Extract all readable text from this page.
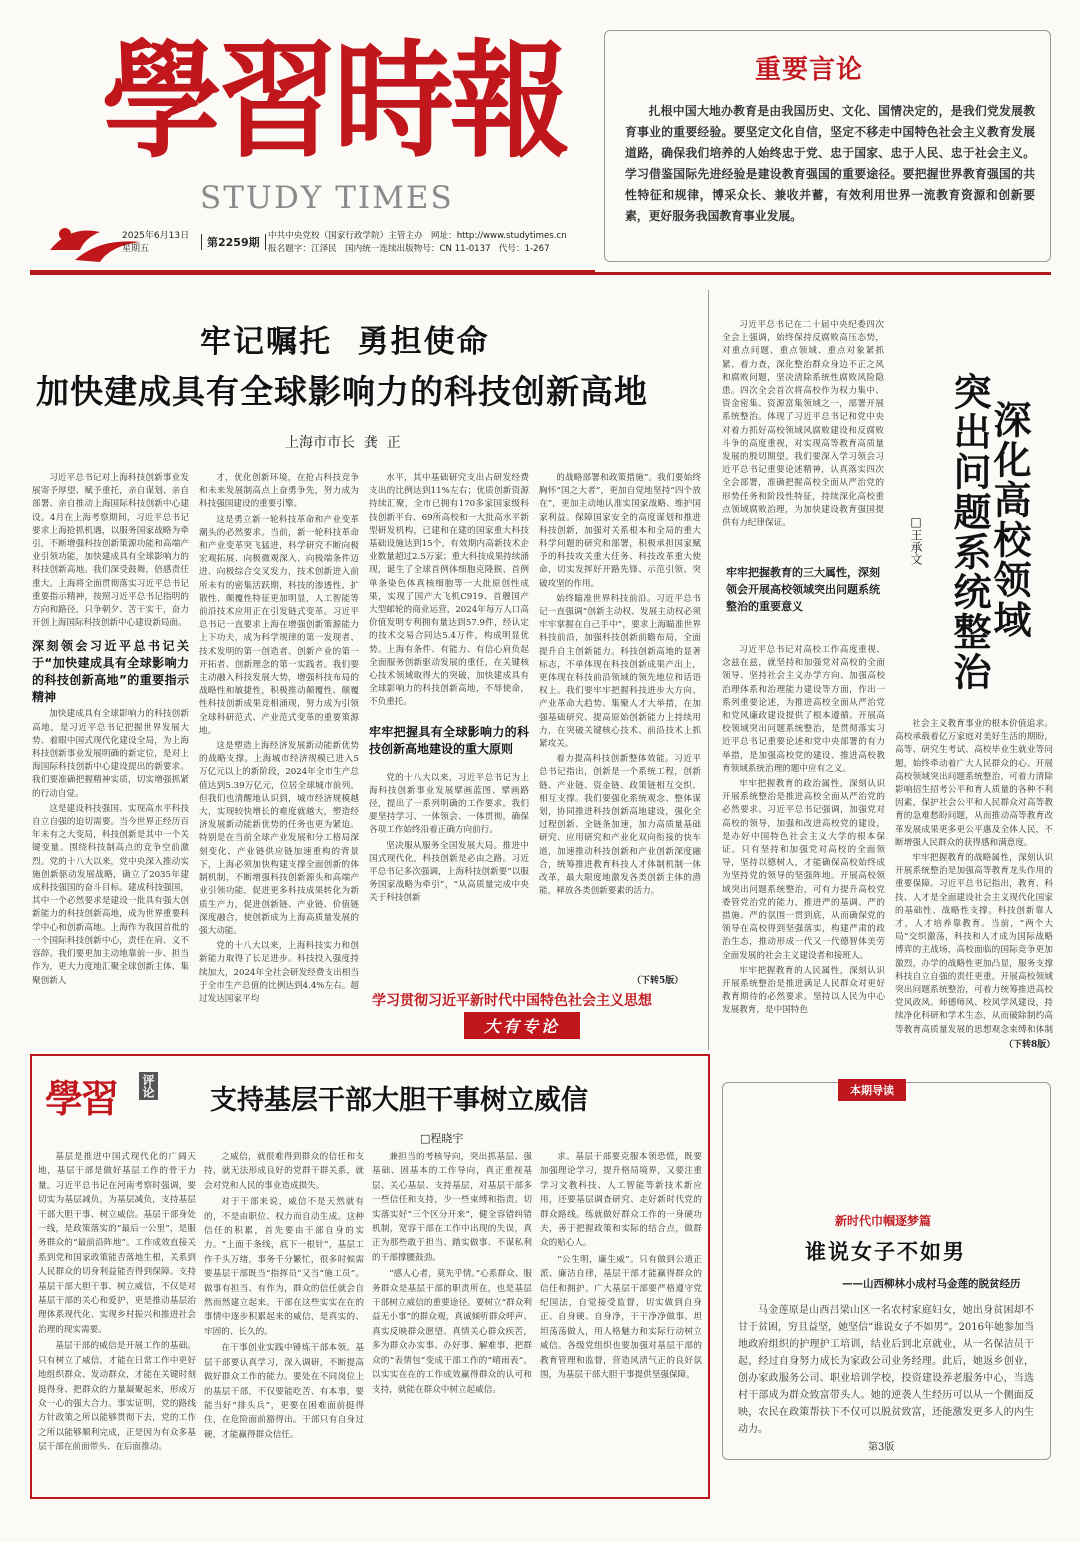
學習時報
STUDY TIMES
2025年6月13日
星期五	第2259期 中共中央党校（国家行政学院）主管主办 网址：http://www.studytimes.cn
报名题字：江泽民 国内统一连续出版物号：CN 11-0137 代号：1-267
重要言论
扎根中国大地办教育是由我国历史、文化、国情决定的，是我们党发展教育事业的重要经验。要坚定文化自信，坚定不移走中国特色社会主义教育发展道路，确保我们培养的人始终忠于党、忠于国家、忠于人民、忠于社会主义。学习借鉴国际先进经验是建设教育强国的重要途径。要把握世界教育强国的共性特征和规律，博采众长、兼收并蓄，有效利用世界一流教育资源和创新要素，更好服务我国教育事业发展。
牢记嘱托  勇担使命
加快建成具有全球影响力的科技创新高地
上海市市长  龚  正

习近平总书记对上海科技创新事业发展寄予厚望、赋予重托，亲自谋划、亲自部署、亲自推动上海国际科技创新中心建设。4月在上海考察期间，习近平总书记要求上海抢抓机遇，以服务国家战略为牵引，不断增强科技创新策源功能和高端产业引领功能，加快建成具有全球影响力的科技创新高地。我们深受鼓舞，倍感责任重大。上海将全面贯彻落实习近平总书记重要指示精神，按照习近平总书记指明的方向和路径，只争朝夕、苦干实干，奋力开创上海国际科技创新中心建设新局面。

深刻领会习近平总书记关于“加快建成具有全球影响力的科技创新高地”的重要指示精神

加快建成具有全球影响力的科技创新高地，是习近平总书记把握世界发展大势、着眼中国式现代化建设全局，为上海科技创新事业发展明确的新定位，是对上海国际科技创新中心建设提出的新要求。我们要准确把握精神实质，切实增强抓紧的行动自觉。

这是建设科技强国、实现高水平科技自立自强的迫切需要。当今世界正经历百年未有之大变局，科技创新是其中一个关键变量。围绕科技制高点的竞争空前激烈。党的十八大以来，党中央深入推动实施创新驱动发展战略，确立了2035年建成科技强国的奋斗目标。建成科技强国，其中一个必然要求是建设一批具有强大创新能力的科技创新高地，成为世界重要科学中心和创新高地。上海作为我国首批的一个国际科技创新中心，责任在肩、义不容辞。我们要更加主动地靠前一步、担当作为，更大力度地汇聚全球创新主体、集聚创新人

才，优化创新环境，在抢占科技竞争和未来发展制高点上奋勇争先，努力成为科技强国建设的重要引擎。

这是勇立新一轮科技革命和产业变革潮头的必然要求。当前，新一轮科技革命和产业变革突飞猛进，科学研究不断向极宏观拓展、向极微观深入、向极端条件迈进、向极综合交叉发力，技术创新进入前所未有的密集活跃期，科技的渗透性、扩散性、颠覆性特征更加明显，人工智能等前沿技术应用正在引发链式变革。习近平总书记一直要求上海在增强创新策源能力上下功夫，成为科学规律的第一发现者、技术发明的第一创造者、创新产业的第一开拓者、创新理念的第一实践者。我们要主动融入科技发展大势，增强科技布局的战略性和敏捷性，积极推动颠覆性、颠覆性科技创新成果竞相涌现，努力成为引领全球科研范式、产业范式变革的重要策源地。

这是塑造上海经济发展新动能新优势的战略支撑。上海城市经济规模已进入5万亿元以上的新阶段，2024年全市生产总值达到5.39万亿元，位居全球城市前列。但我们也清醒地认识到，城市经济规模越大，实现较快增长的难度就越大，塑造经济发展新动能新优势的任务也更为紧迫。特别是在当前全球产业发展和分工格局深刻变化、产业链供应链加速重构的背景下，上海必须加快构建支撑全面创新的体制机制，不断增强科技创新源头和高端产业引领功能，促进更多科技成果转化为新质生产力，促进创新链、产业链、价值链深度融合，使创新成为上海高质量发展的强大动能。

党的十八大以来，上海科技实力和创新能力取得了长足进步。科技投入强度持续加大，2024年全社会研发经费支出相当于全市生产总值的比例达到4.4%左右。超过发达国家平均

水平，其中基础研究支出占研发经费支出的比例达到11%左右；优质创新资源持续汇聚，全市已拥有170多家国家级科技创新平台、69所高校和一大批高水平新型研发机构，已建和在建的国家重大科技基础设施达到15个，有效期内高新技术企业数量超过2.5万家；重大科技成果持续涌现，诞生了全球首例体细胞克隆猴、首例单条染色体真核细胞等一大批原创性成果，实现了国产大飞机C919、首艘国产大型邮轮的商业运营，2024年每万人口高价值发明专利拥有量达到57.9件，经认定的技术交易合同达5.4万件，构成明显优势。上海有条件、有能力、有信心肩负起全面服务创新驱动发展的重任，在关键核心技术领域取得大的突破，加快建成具有全球影响力的科技创新高地，不辱使命，不负重托。

牢牢把握具有全球影响力的科技创新高地建设的重大原则

党的十八大以来，习近平总书记为上海科技创新事业发展擘画蓝图、擘画路径，提出了一系列明确的工作要求。我们要坚持学习、一体领会、一体贯彻，确保各项工作始终沿着正确方向前行。

坚决服从服务全国发展大局。推进中国式现代化，科技创新是必由之路。习近平总书记多次强调，上海科技创新要“以服务国家战略为牵引”，“从高质量完成中央关于科技创新

的战略部署和政策措施”。我们要始终胸怀“国之大者”，更加自觉地坚持“四个放在”，更加主动地认准实国家战略、维护国家利益。保障国家安全的高度谋划和推进科技创新，加强对关系根本和全局的重大科学问题的研究和部署，积极承担国家赋予的科技攻关重大任务、科技改革重大使命，切实发挥好开路先锋、示范引领、突破攻坚的作用。

始终瞄准世界科技前沿。习近平总书记一直强调“创新主动权、发展主动权必须牢牢掌握在自己手中”，要求上海瞄准世界科技前沿，加强科技创新前瞻布局，全面提升自主创新能力。科技创新高地的显著标志，不单体现在科技创新成果产出上，更体现在科技前沿领域的领先地位和话语权上。我们要牢牢把握科技进步大方向、产业革命大趋势、集聚人才大举措，在加强基础研究、提高原始创新能力上持续用力，在突破关键核心技术、前沿技术上抓紧攻关。

着力提高科技创新整体效能。习近平总书记指出，创新是一个系统工程，创新链、产业链、资金链、政策链相互交织、相互支撑。我们要强化系统观念、整体谋划，协同推进科技创新高地建设，强化全过程创新、全链条加速，加力高质量基础研究、应用研究和产业化双向衔接的快车道，加速推动科技创新和产业创新深度融合，统筹推进教育科技人才体制机制一体改革，最大限度地激发各类创新主体的潜能，释放各类创新要素的活力。

（下转5版）
学习贯彻习近平新时代中国特色社会主义思想
大有专论
深化高校领域
突出问题系统整治
□王承文

习近平总书记在二十届中央纪委四次全会上强调，始终保持反腐败高压态势，对重点问题、重点领域、重点对象紧抓紧、着力查，深化整治群众身边不正之风和腐败问题，坚决清除系统性腐败风险隐患。四次全会首次将高校作为权力集中、资金密集、资源富集领域之一，部署开展系统整治。体现了习近平总书记和党中央对着力抓好高校领域风腐败建设和反腐败斗争的高度重视，对实现高等教育高质量发展的殷切期望。我们要深入学习领会习近平总书记重要论述精神，认真落实四次全会部署，准确把握高校全面从严治党的形势任务和阶段性特征，持续深化高校重点领域腐败治理，为加快建设教育强国提供有力纪律保证。

牢牢把握教育的三大属性，深刻领会开展高校领域突出问题系统整治的重要意义

习近平总书记对高校工作高度重视、念兹在兹，就坚持和加强党对高校的全面领导、坚持社会主义办学方向、加强高校治理体系和治理能力建设等方面，作出一系列重要论述，为推进高校全面从严治党和党风廉政建设提供了根本遵循。开展高校领域突出问题系统整治，是贯彻落实习近平总书记重要论述和党中央部署的有力举措，是加强高校党的建设、推进高校教育领域系统治理的题中应有之义。

牢牢把握教育的政治属性，深刻认识开展系统整治是推进高校全面从严治党的必然要求。习近平总书记强调，加强党对高校的领导，加强和改进高校党的建设，是办好中国特色社会主义大学的根本保证。只有坚持和加强党对高校的全面领导，坚持以德树人，才能确保高校始终成为坚持党的领导的坚强阵地。开展高校领域突出问题系统整治，可有力提升高校党委管党治党的能力，推进严的基调、严的措施、严的氛围一贯到底，从而确保党的领导在高校得到坚强落实，构建严肃的政治生态，推动形成一代又一代德智体美劳全面发展的社会主义建设者和接班人。

牢牢把握教育的人民属性，深刻认识开展系统整治是推进满足人民群众对更好教育期待的必然要求。坚持以人民为中心发展教育，是中国特色

社会主义教育事业的根本价值追求。高校承载着亿万家庭对美好生活的期盼，高等、研究生考试、高校毕业生就业等问题，始终牵动着广大人民群众的心。开展高校领域突出问题系统整治，可着力清除影响招生招考公平和育人质量的各种不利因素，保护社会公平和人民群众对高等教育的急难愁盼问题，从而推动高等教育改革发展成果更多更公平惠及全体人民，不断增强人民群众的获得感和满意度。

牢牢把握教育的战略属性，深刻认识开展系统整治是加强高等教育龙头作用的重要保障。习近平总书记指出，教育、科技、人才是全面建设社会主义现代化国家的基础性、战略性支撑。科技创新靠人才，人才培养靠教育。当前，“两个大局”交织激荡，科技和人才成为国际战略博弈的主战场，高校面临的国际竞争更加激烈，办学的战略性更加凸显，服务支撑科技自立自强的责任更重。开展高校领域突出问题系统整治，可着力统筹推进高校党风政风、师德师风、校风学风建设，持续净化科研和学术生态，从而破除制约高等教育高质量发展的思想观念束缚和体制

（下转8版）
學習 评论 支持基层干部大胆干事树立威信
□程晓宇

基层是推进中国式现代化的广阔天地，基层干部是做好基层工作的骨干力量。习近平总书记在河南考察时强调，要切实为基层减负，为基层减负，支持基层干部大胆干事、树立威信。基层干部身处一线，是政策落实的“最后一公里”，是服务群众的“最前沿阵地”。工作成效直接关系到党和国家政策能否落地生根，关系到人民群众的切身利益能否得到保障。支持基层干部大胆干事、树立威信，不仅是对基层干部的关心和爱护，更是推动基层治理体系现代化、实现乡村振兴和推进社会治理的现实需要。

基层干部的威信是开展工作的基础。只有树立了威信，才能在日常工作中更好地组织群众、发动群众，才能在关键时刻挺得身、把群众的力量凝聚起来，形成万众一心的强大合力。事实证明，党的路线方针政策之所以能够贯彻下去，党的工作之所以能够顺利完成，正是因为有众多基层干部在前面带头、在后面推动。

之威信，就很难得到群众的信任和支持，就无法形成良好的党群干群关系，就会对党和人民的事业造成损失。

对于干部来说，威信不是天然就有的，不是由职位、权力而自动生成。这种信任的积累，首先要由干部自身的实力。“上面千条线，底下一根针”，基层工作千头万绪，事务千分繁忙，很多时候需要基层干部既当“指挥员”又当“施工员”。做事有担当、有作为，群众的信任就会自然而然建立起来。干部在这些实实在在的事情中逐步积累起来的威信，是真实的、牢固的、长久的。

在干事创业实践中锤炼干部本领。基层干部要认真学习，深入调研，不断提高做好群众工作的能力。要处在不同岗位上的基层干部，不仅要能吃苦、有本事，要能当好“排头兵”，更要在困难面前挺得住，在危险面前豁得出。干部只有自身过硬，才能赢得群众信任。

兼担当的考核导向，突出抓基层、强基础、固基本的工作导向，真正重视基层、关心基层、支持基层，对基层干部多一些信任和支持，少一些束缚和指责。切实落实好“三个区分开来”，健全容错纠错机制，宽容干部在工作中出现的失误，真正为那些敢于担当、踏实做事、不谋私利的干部撑腰鼓劲。

“感人心者，莫先乎情。”心系群众、服务群众是基层干部的职责所在，也是基层干部树立威信的重要途径。要树立“群众利益无小事”的群众观，真诚倾听群众呼声、真实反映群众愿望、真情关心群众疾苦，多为群众办实事、办好事、解难事，把群众的“表情包”变成干部工作的“晴雨表”。以实实在在的工作成效赢得群众的认可和支持，就能在群众中树立起威信。

求。基层干部要克服本领恐慌，既要加强理论学习，提升格局境界，又要注重学习文教科技、人工智能等新技术新应用，还要基层调查研究、走好新时代党的群众路线。练就做好群众工作的一身硬功夫，善于把握政策和实际的结合点，做群众的贴心人。

“公生明，廉生威”。只有做到公道正派、廉洁自律，基层干部才能赢得群众的信任和拥护。广大基层干部要严格遵守党纪国法，自觉接受监督，切实做到自身正、自身硬、自身净，干干净净做事、坦坦荡荡做人，用人格魅力和实际行动树立威信。各级党组织也要加强对基层干部的教育管理和监督，营造风清气正的良好氛围，为基层干部大胆干事提供坚强保障。

本期导读
新时代巾帼逐梦篇
谁说女子不如男
——山西柳林小成村马金莲的脱贫经历
马金莲原是山西吕梁山区一名农村家庭妇女，她出身贫困却不甘于贫困，穷且益坚，她坚信“谁说女子不如男”。2016年她参加当地政府组织的护理护工培训，结业后到北京就业，从一名保洁员干起，经过自身努力成长为家政公司业务经理。此后，她返乡创业，创办家政服务公司、职业培训学校，投资建设养老服务中心，当选村干部成为群众致富带头人。她的逆袭人生经历可以从一个侧面反映，农民在政策帮扶下不仅可以脱贫致富，还能激发更多人的内生动力。
第3版
